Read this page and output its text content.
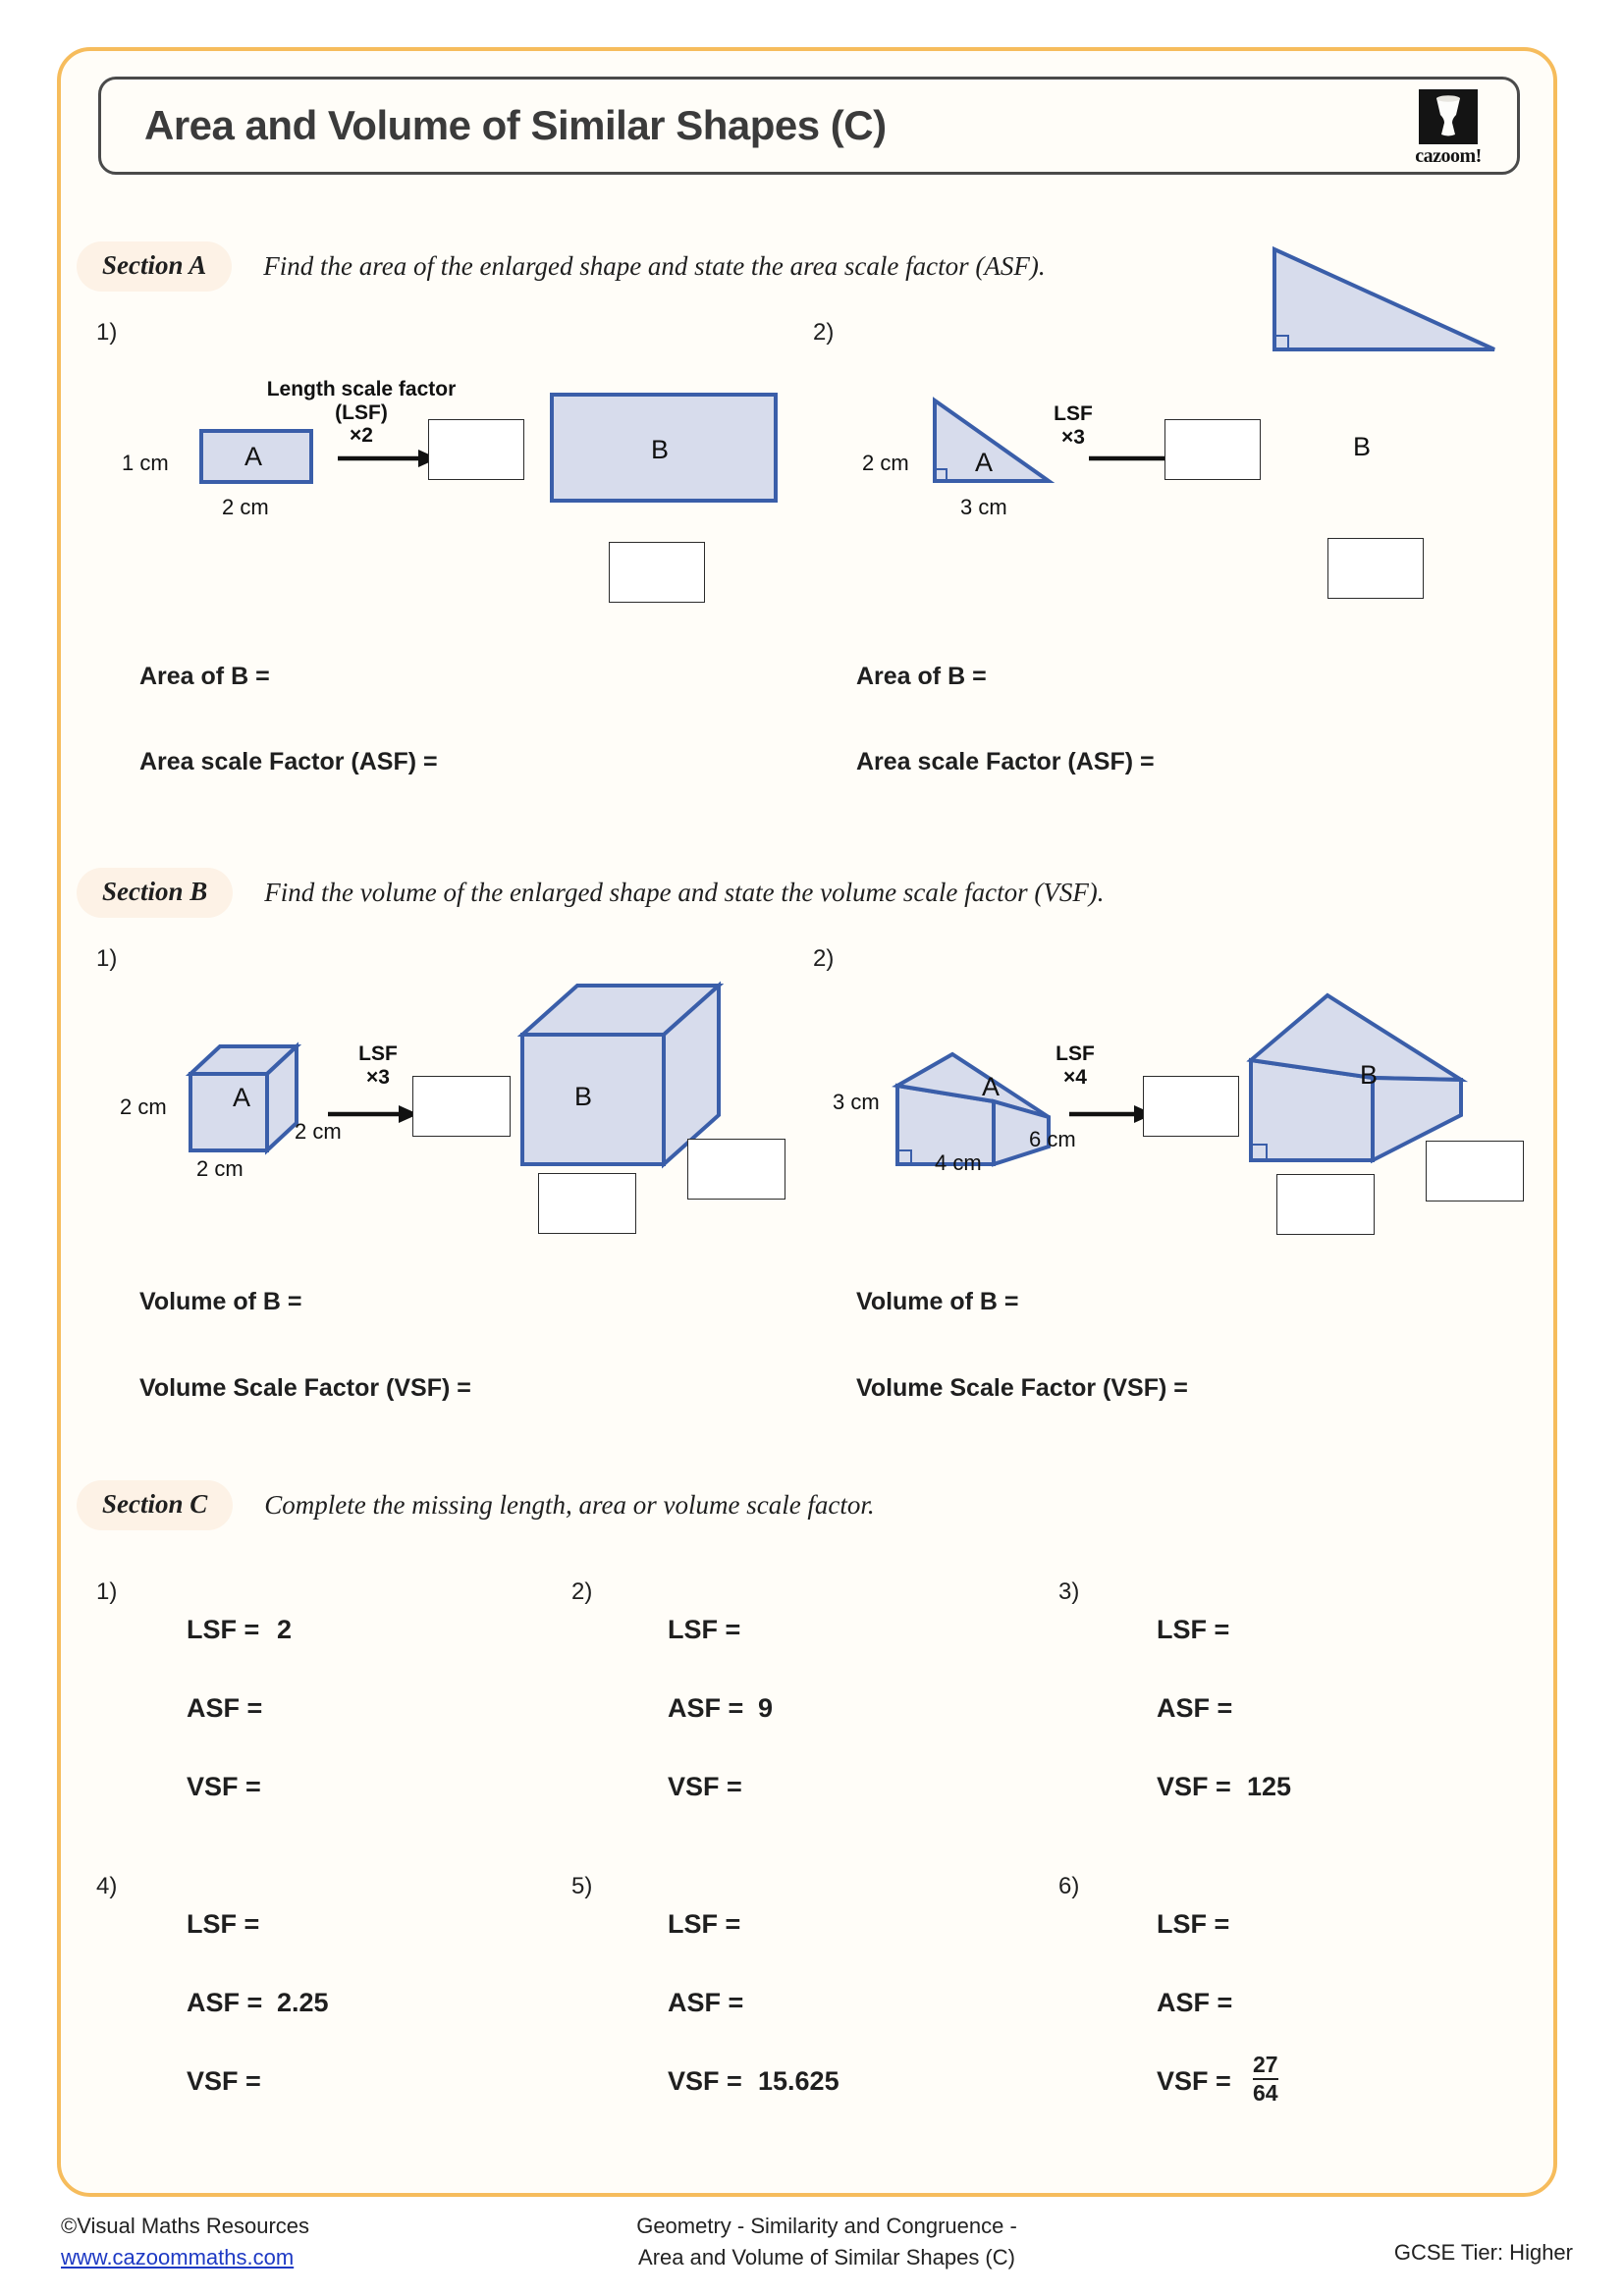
Area and Volume of Similar Shapes (C)
cazoom!
Section A	Find the area of the enlarged shape and state the area scale factor (ASF).
1)	2)
Length scale factor
(LSF)
×2
1 cm	A
2 cm
B
LSF
×3
2 cm A
3 cm
B
Area of B =
Area scale Factor (ASF) =
Area of B =
Area scale Factor (ASF) =
Section B	Find the volume of the enlarged shape and state the volume scale factor (VSF).
1)	2)
LSF
×3
2 cm A
2 cm
2 cm
B
LSF
×4
3 cm
A
4 cm
6 cm
B
Volume of B =
Volume Scale Factor (VSF) =
Volume of B =
Volume Scale Factor (VSF) =
Section C	Complete the missing length, area or volume scale factor.
1)	2)	3)
4)	5)	6)
LSF = 2
ASF =
VSF =
LSF =
ASF = 9
VSF =
LSF =
ASF =
VSF = 125
LSF =
ASF = 2.25
VSF =
LSF =
ASF =
VSF = 15.625
LSF =
ASF =
VSF = $\frac{27}{64}$
©Visual Maths Resources
www.cazoommaths.com
Geometry - Similarity and Congruence -
Area and Volume of Similar Shapes (C)	GCSE Tier: Higher
